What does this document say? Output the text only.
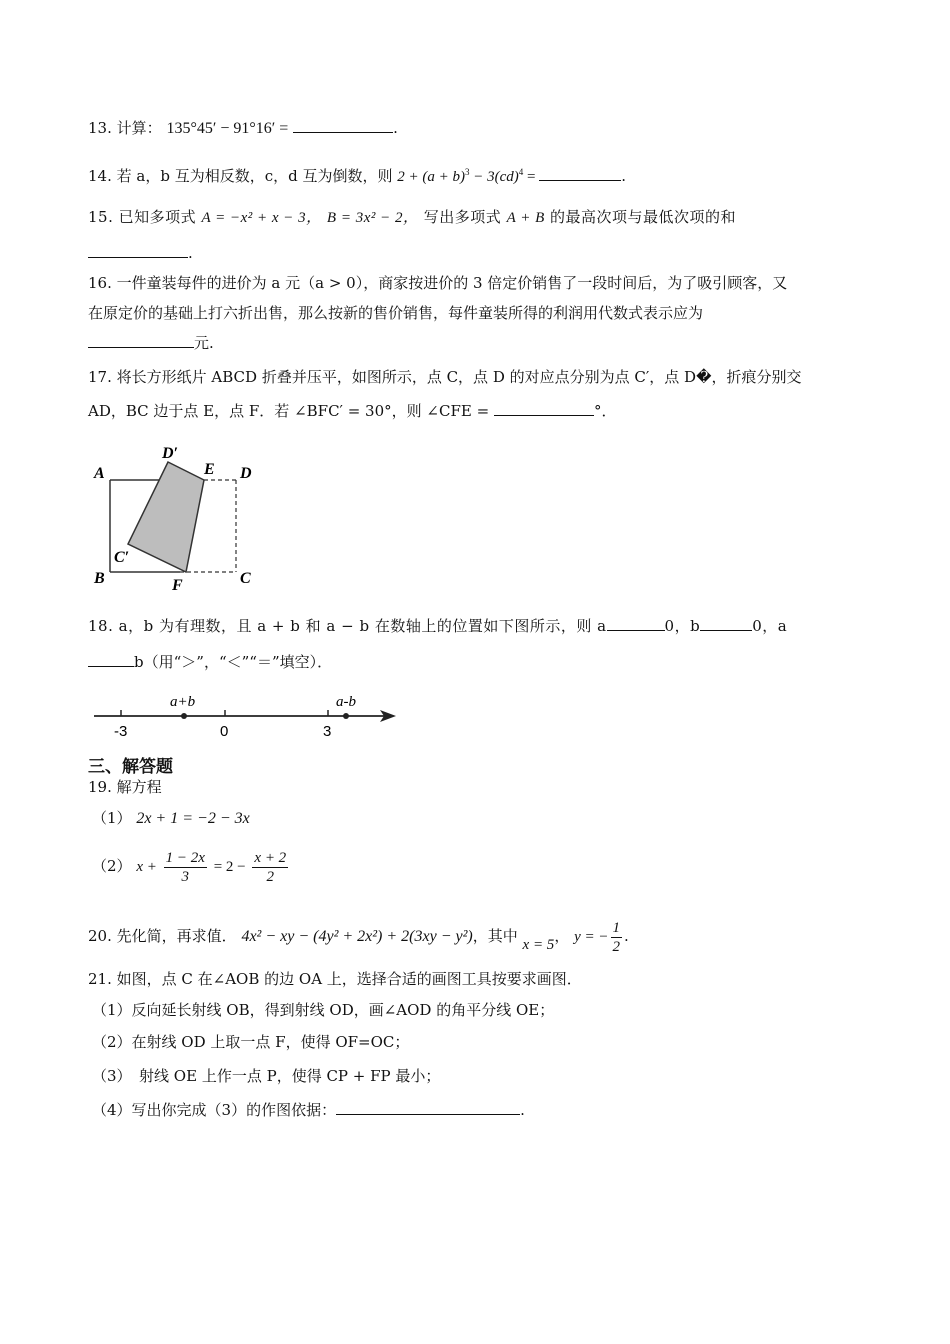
13. 计算： 135°45′ − 91°16′ =	.
14. 若 a，b 互为相反数，c，d 互为倒数，则 $2 + (a + b)^3 - 3(cd)^4$ =	.
15. 已知多项式 A = −x² + x − 3， B = 3x² − 2， 写出多项式 A + B 的最高次项与最低次项的和
.
16. 一件童装每件的进价为 a 元（a > 0），商家按进价的 3 倍定价销售了一段时间后，为了吸引顾客，又
在原定价的基础上打六折出售，那么按新的售价销售，每件童装所得的利润用代数式表示应为
元.
17. 将长方形纸片 ABCD 折叠并压平，如图所示，点 C，点 D 的对应点分别为点 C′，点 D�，折痕分别交
AD，BC 边于点 E，点 F．若 ∠BFC′ = 30°，则 ∠CFE =	°．
A
B	C
D
E
F
C′
D′
18. a，b 为有理数，且 a + b 和 a − b 在数轴上的位置如下图所示，则 a	0，b	0，a
b（用“＞”，“＜”“＝”填空）．
-3	0	3
a+b	a-b
三、解答题
19. 解方程
（1） 2x + 1 = −2 − 3x
（2） $x + \frac{1 - 2x}{3} = 2 - \frac{x + 2}{2}$
20. 先化简，再求值． 4x² − xy − (4y² + 2x²) + 2(3xy − y²)，其中 x = 5， y = − $\frac{1}{2}$ .
21. 如图，点 C 在∠AOB 的边 OA 上，选择合适的画图工具按要求画图．
（1）反向延长射线 OB，得到射线 OD，画∠AOD 的角平分线 OE；
（2）在射线 OD 上取一点 F，使得 OF=OC；
（3）　射线 OE 上作一点 P，使得 CP + FP 最小；
（4）写出你完成（3）的作图依据：	.
